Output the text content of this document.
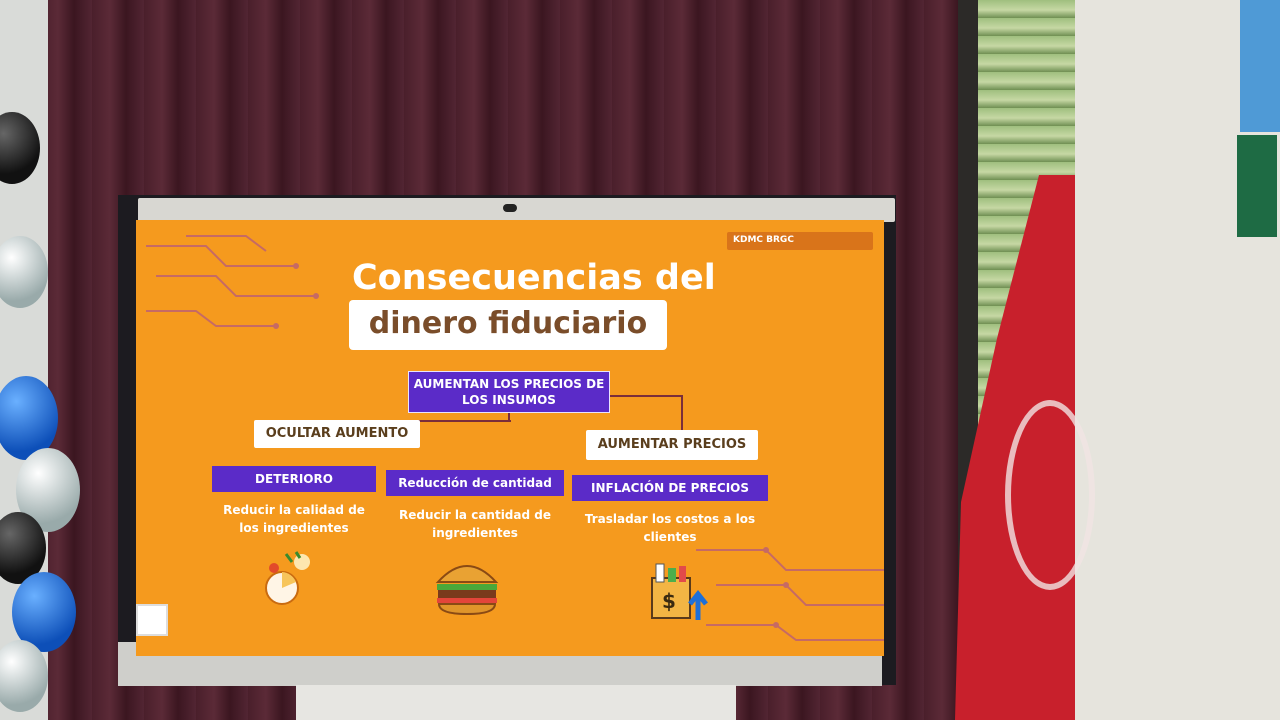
KDMC BRGC
Consecuencias del
dinero fiduciario
AUMENTAN LOS PRECIOS DE LOS INSUMOS
OCULTAR AUMENTO
AUMENTAR PRECIOS
DETERIORO	Reducción de cantidad	INFLACIÓN DE PRECIOS
Reducir la calidad de los ingredientes
Reducir la cantidad de ingredientes
Trasladar los costos a los clientes
$
